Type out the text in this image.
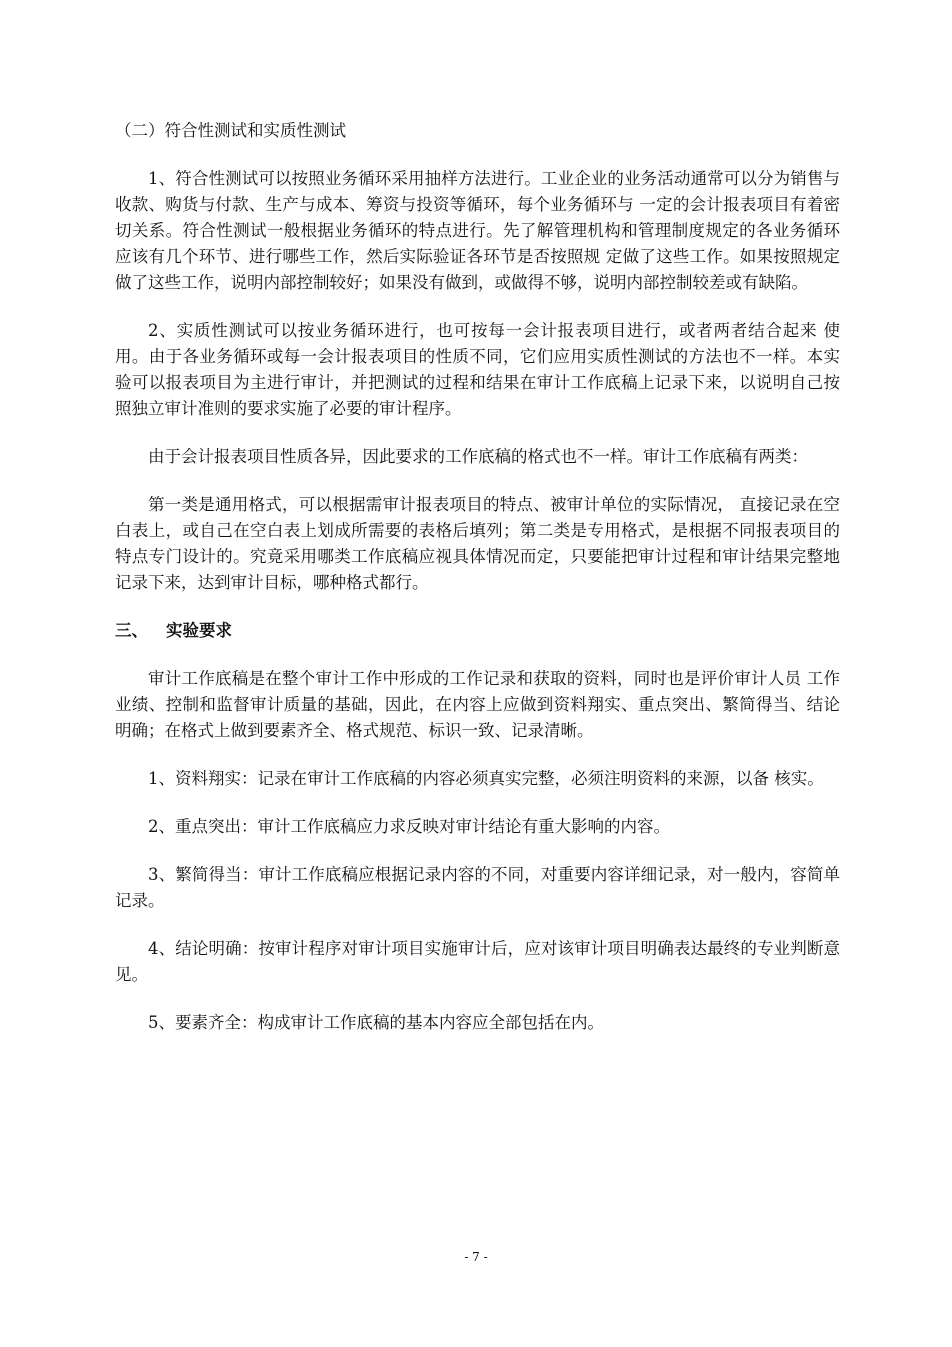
（二）符合性测试和实质性测试

1、符合性测试可以按照业务循环采用抽样方法进行。工业企业的业务活动通常可以分为销售与收款、购货与付款、生产与成本、筹资与投资等循环，每个业务循环与 一定的会计报表项目有着密切关系。符合性测试一般根据业务循环的特点进行。先了解管理机构和管理制度规定的各业务循环应该有几个环节、进行哪些工作，然后实际验证各环节是否按照规 定做了这些工作。如果按照规定做了这些工作，说明内部控制较好；如果没有做到，或做得不够，说明内部控制较差或有缺陷。

2、实质性测试可以按业务循环进行，也可按每一会计报表项目进行，或者两者结合起来 使用。由于各业务循环或每一会计报表项目的性质不同，它们应用实质性测试的方法也不一样。本实验可以报表项目为主进行审计，并把测试的过程和结果在审计工作底稿上记录下来，以说明自己按照独立审计准则的要求实施了必要的审计程序。

由于会计报表项目性质各异，因此要求的工作底稿的格式也不一样。审计工作底稿有两类：

第一类是通用格式，可以根据需审计报表项目的特点、被审计单位的实际情况， 直接记录在空白表上，或自己在空白表上划成所需要的表格后填列；第二类是专用格式，是根据不同报表项目的特点专门设计的。究竟采用哪类工作底稿应视具体情况而定，只要能把审计过程和审计结果完整地记录下来，达到审计目标，哪种格式都行。

三、 实验要求

审计工作底稿是在整个审计工作中形成的工作记录和获取的资料，同时也是评价审计人员 工作业绩、控制和监督审计质量的基础，因此，在内容上应做到资料翔实、重点突出、繁简得当、结论明确；在格式上做到要素齐全、格式规范、标识一致、记录清晰。

1、资料翔实：记录在审计工作底稿的内容必须真实完整，必须注明资料的来源，以备 核实。

2、重点突出：审计工作底稿应力求反映对审计结论有重大影响的内容。

3、繁简得当：审计工作底稿应根据记录内容的不同，对重要内容详细记录，对一般内，容简单记录。

4、结论明确：按审计程序对审计项目实施审计后，应对该审计项目明确表达最终的专业判断意见。

5、要素齐全：构成审计工作底稿的基本内容应全部包括在内。

- 7 -
